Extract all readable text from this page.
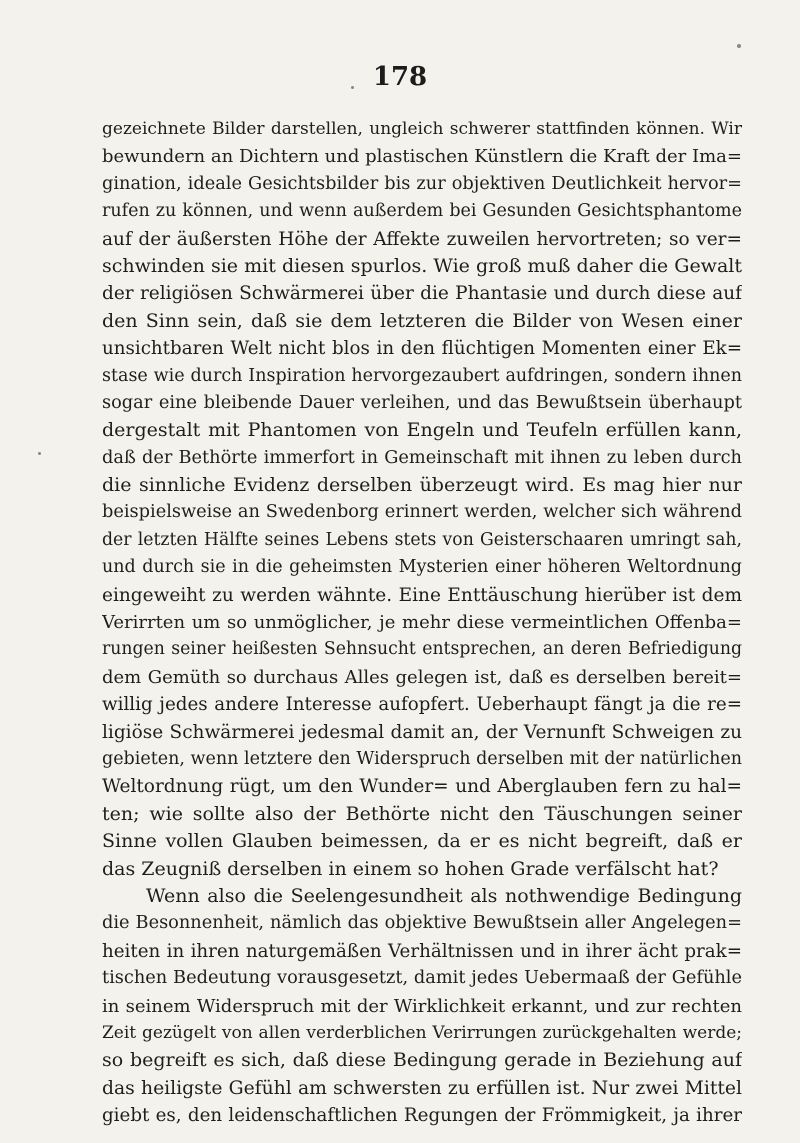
178
gezeichnete Bilder darstellen, ungleich schwerer stattfinden können. Wir
bewundern an Dichtern und plastischen Künstlern die Kraft der Ima=
gination, ideale Gesichtsbilder bis zur objektiven Deutlichkeit hervor=
rufen zu können, und wenn außerdem bei Gesunden Gesichtsphantome
auf der äußersten Höhe der Affekte zuweilen hervortreten; so ver=
schwinden sie mit diesen spurlos. Wie groß muß daher die Gewalt
der religiösen Schwärmerei über die Phantasie und durch diese auf
den Sinn sein, daß sie dem letzteren die Bilder von Wesen einer
unsichtbaren Welt nicht blos in den flüchtigen Momenten einer Ek=
stase wie durch Inspiration hervorgezaubert aufdringen, sondern ihnen
sogar eine bleibende Dauer verleihen, und das Bewußtsein überhaupt
dergestalt mit Phantomen von Engeln und Teufeln erfüllen kann,
daß der Bethörte immerfort in Gemeinschaft mit ihnen zu leben durch
die sinnliche Evidenz derselben überzeugt wird. Es mag hier nur
beispielsweise an Swedenborg erinnert werden, welcher sich während
der letzten Hälfte seines Lebens stets von Geisterschaaren umringt sah,
und durch sie in die geheimsten Mysterien einer höheren Weltordnung
eingeweiht zu werden wähnte. Eine Enttäuschung hierüber ist dem
Verirrten um so unmöglicher, je mehr diese vermeintlichen Offenba=
rungen seiner heißesten Sehnsucht entsprechen, an deren Befriedigung
dem Gemüth so durchaus Alles gelegen ist, daß es derselben bereit=
willig jedes andere Interesse aufopfert. Ueberhaupt fängt ja die re=
ligiöse Schwärmerei jedesmal damit an, der Vernunft Schweigen zu
gebieten, wenn letztere den Widerspruch derselben mit der natürlichen
Weltordnung rügt, um den Wunder= und Aberglauben fern zu hal=
ten; wie sollte also der Bethörte nicht den Täuschungen seiner
Sinne vollen Glauben beimessen, da er es nicht begreift, daß er
das Zeugniß derselben in einem so hohen Grade verfälscht hat?
Wenn also die Seelengesundheit als nothwendige Bedingung
die Besonnenheit, nämlich das objektive Bewußtsein aller Angelegen=
heiten in ihren naturgemäßen Verhältnissen und in ihrer ächt prak=
tischen Bedeutung vorausgesetzt, damit jedes Uebermaaß der Gefühle
in seinem Widerspruch mit der Wirklichkeit erkannt, und zur rechten
Zeit gezügelt von allen verderblichen Verirrungen zurückgehalten werde;
so begreift es sich, daß diese Bedingung gerade in Beziehung auf
das heiligste Gefühl am schwersten zu erfüllen ist. Nur zwei Mittel
giebt es, den leidenschaftlichen Regungen der Frömmigkeit, ja ihrer
